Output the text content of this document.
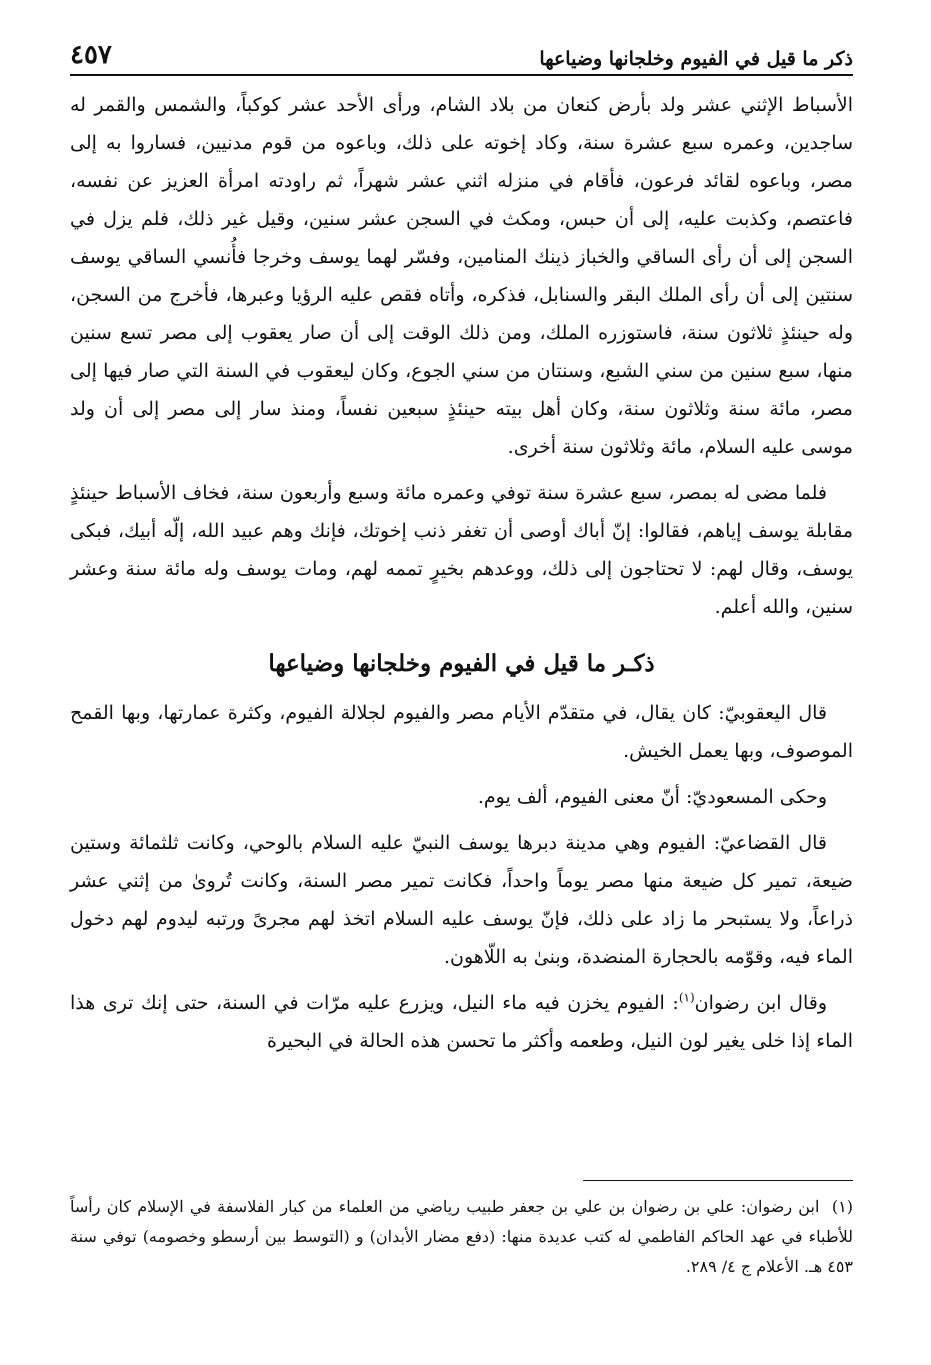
ذكر ما قيل في الفيوم وخلجانها وضياعها
٤٥٧

الأسباط الإثني عشر ولد بأرض كنعان من بلاد الشام، ورأى الأحد عشر كوكباً، والشمس والقمر له ساجدين، وعمره سبع عشرة سنة، وكاد إخوته على ذلك، وباعوه من قوم مدنيين، فساروا به إلى مصر، وباعوه لقائد فرعون، فأقام في منزله اثني عشر شهراً، ثم راودته امرأة العزيز عن نفسه، فاعتصم، وكذبت عليه، إلى أن حبس، ومكث في السجن عشر سنين، وقيل غير ذلك، فلم يزل في السجن إلى أن رأى الساقي والخباز ذينك المنامين، وفسّر لهما يوسف وخرجا فأُنسي الساقي يوسف سنتين إلى أن رأى الملك البقر والسنابل، فذكره، وأتاه فقص عليه الرؤيا وعبرها، فأخرج من السجن، وله حينئذٍ ثلاثون سنة، فاستوزره الملك، ومن ذلك الوقت إلى أن صار يعقوب إلى مصر تسع سنين منها، سبع سنين من سني الشبع، وسنتان من سني الجوع، وكان ليعقوب في السنة التي صار فيها إلى مصر، مائة سنة وثلاثون سنة، وكان أهل بيته حينئذٍ سبعين نفساً، ومنذ سار إلى مصر إلى أن ولد موسى عليه السلام، مائة وثلاثون سنة أخرى.

فلما مضى له بمصر، سبع عشرة سنة توفي وعمره مائة وسبع وأربعون سنة، فخاف الأسباط حينئذٍ مقابلة يوسف إياهم، فقالوا: إنّ أباك أوصى أن تغفر ذنب إخوتك، فإنك وهم عبيد الله، إلّه أبيك، فبكى يوسف، وقال لهم: لا تحتاجون إلى ذلك، ووعدهم بخيرٍ تممه لهم، ومات يوسف وله مائة سنة وعشر سنين، والله أعلم.

ذكـر ما قيل في الفيوم وخلجانها وضياعها

قال اليعقوبيّ: كان يقال، في متقدّم الأيام مصر والفيوم لجلالة الفيوم، وكثرة عمارتها، وبها القمح الموصوف، وبها يعمل الخيش.

وحكى المسعوديّ: أنّ معنى الفيوم، ألف يوم.

قال القضاعيّ: الفيوم وهي مدينة دبرها يوسف النبيّ عليه السلام بالوحي، وكانت ثلثمائة وستين ضيعة، تمير كل ضيعة منها مصر يوماً واحداً، فكانت تمير مصر السنة، وكانت تُروىٰ من إثني عشر ذراعاً، ولا يستبحر ما زاد على ذلك، فإنّ يوسف عليه السلام اتخذ لهم مجرىً ورتبه ليدوم لهم دخول الماء فيه، وقوّمه بالحجارة المنضدة، وبنىٰ به اللّاهون.

وقال ابن رضوان$^{(١)}$: الفيوم يخزن فيه ماء النيل، ويزرع عليه مرّات في السنة، حتى إنك ترى هذا الماء إذا خلى يغير لون النيل، وطعمه وأكثر ما تحسن هذه الحالة في البحيرة

(١)  ابن رضوان: علي بن رضوان بن علي بن جعفر طبيب رياضي من العلماء من كبار الفلاسفة في الإسلام كان رأساً للأطباء في عهد الحاكم الفاطمي له كتب عديدة منها: (دفع مضار الأبدان) و (التوسط بين أرسطو وخصومه) توفي سنة ٤٥٣ هـ. الأعلام ج ٤/ ٢٨٩.
